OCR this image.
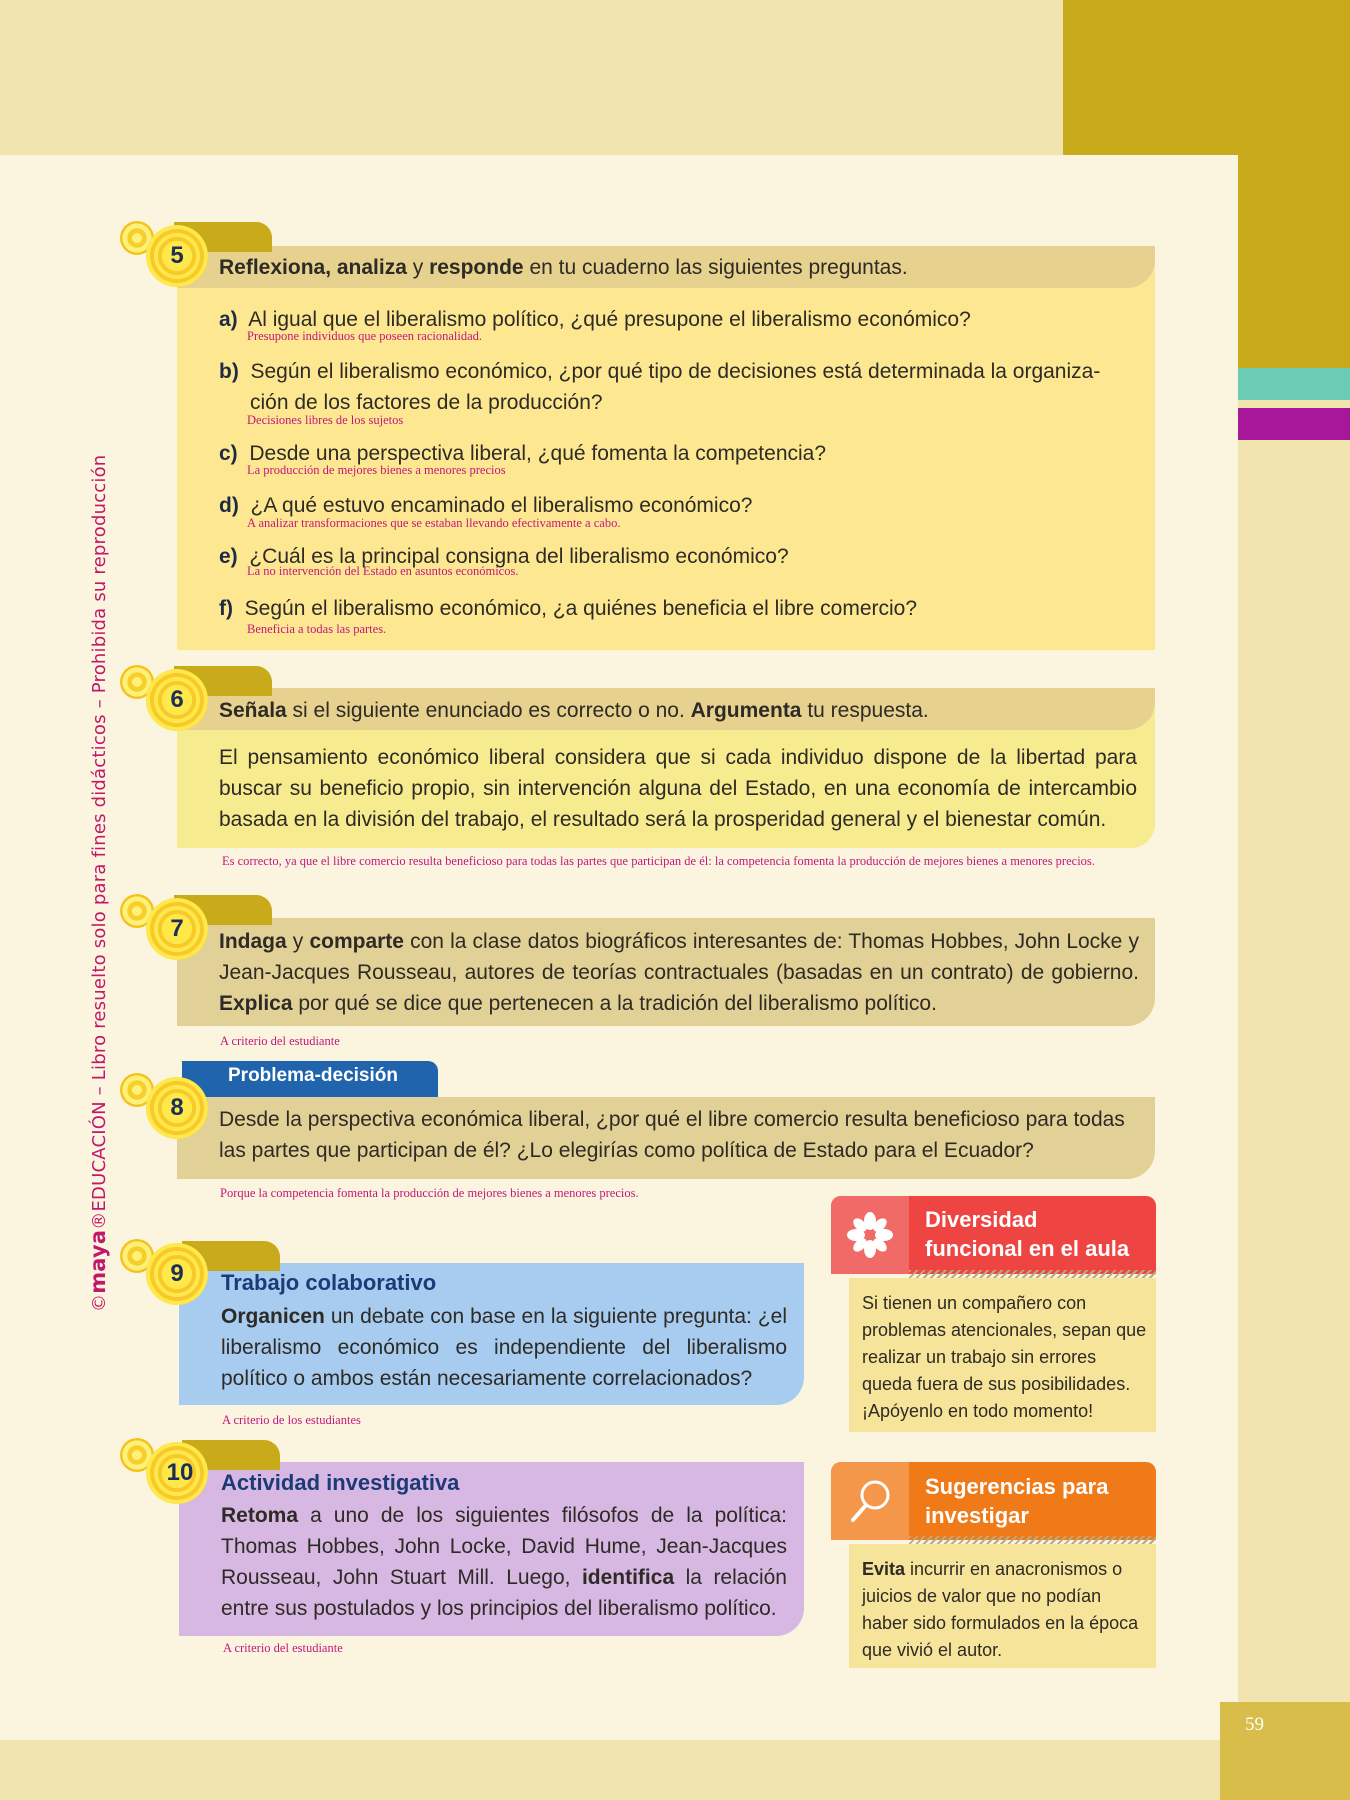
59
©maya®EDUCACIÓN – Libro resuelto solo para fines didácticos – Prohibida su reproducción
5	Reflexiona, analiza y responde en tu cuaderno las siguientes preguntas.
a) Al igual que el liberalismo político, ¿qué presupone el liberalismo económico?
Presupone individuos que poseen racionalidad.
b) Según el liberalismo económico, ¿por qué tipo de decisiones está determinada la organiza-
ción de los factores de la producción?
Decisiones libres de los sujetos
c) Desde una perspectiva liberal, ¿qué fomenta la competencia?
La producción de mejores bienes a menores precios
d) ¿A qué estuvo encaminado el liberalismo económico?
A analizar transformaciones que se estaban llevando efectivamente a cabo.
e) ¿Cuál es la principal consigna del liberalismo económico?
La no intervención del Estado en asuntos económicos.
f) Según el liberalismo económico, ¿a quiénes beneficia el libre comercio?
Beneficia a todas las partes.
6	Señala si el siguiente enunciado es correcto o no. Argumenta tu respuesta.
El pensamiento económico liberal considera que si cada individuo dispone de la libertad para buscar su beneficio propio, sin intervención alguna del Estado, en una economía de intercambio basada en la división del trabajo, el resultado será la prosperidad general y el bienestar común.
Es correcto, ya que el libre comercio resulta beneficioso para todas las partes que participan de él: la competencia fomenta la producción de mejores bienes a menores precios.
7	Indaga y comparte con la clase datos biográficos interesantes de: Thomas Hobbes, John Locke y Jean-Jacques Rousseau, autores de teorías contractuales (basadas en un contrato) de gobierno. Explica por qué se dice que pertenecen a la tradición del liberalismo político.
A criterio del estudiante
Problema-decisión
8	Desde la perspectiva económica liberal, ¿por qué el libre comercio resulta beneficioso para todas las partes que participan de él? ¿Lo elegirías como política de Estado para el Ecuador?
Porque la competencia fomenta la producción de mejores bienes a menores precios.
9	Trabajo colaborativo
Organicen un debate con base en la siguiente pregunta: ¿el liberalismo económico es independiente del liberalismo político o ambos están necesariamente correlacionados?
A criterio de los estudiantes
10	Actividad investigativa
Retoma a uno de los siguientes filósofos de la política: Thomas Hobbes, John Locke, David Hume, Jean-Jacques Rousseau, John Stuart Mill. Luego, identifica la relación entre sus postulados y los principios del liberalismo político.
A criterio del estudiante
Diversidad
funcional en el aula
Si tienen un compañero con problemas atencionales, sepan que realizar un trabajo sin errores queda fuera de sus posibilidades. ¡Apóyenlo en todo momento!
Sugerencias para
investigar
Evita incurrir en anacronismos o juicios de valor que no podían haber sido formulados en la época que vivió el autor.
